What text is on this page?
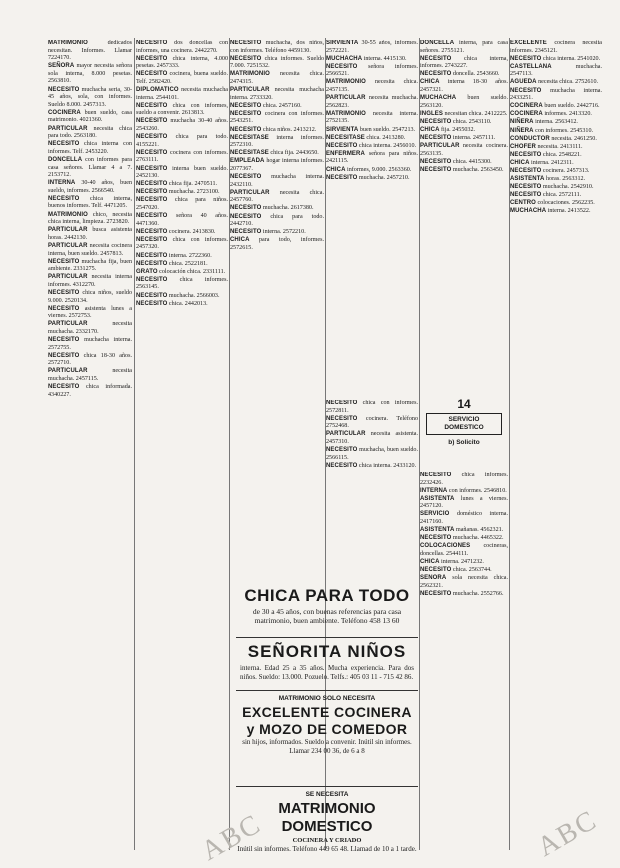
MATRIMONIO dedicados necesitan. Informes. Llamar 7224170.

SEÑORA mayor necesita señora sola interna, 8.000 pesetas. 2563810.

NECESITO muchacha seria, 30-45 años, sola, con informes. Sueldo 8.000. 2457313.

COCINERA buen sueldo, casa matrimonio. 4021360.

PARTICULAR necesita chica para todo. 2563180.

NECESITO chica interna con informes. Telf. 2453220.

DONCELLA con informes para casa señores. Llamar 4 a 7. 2153712.

INTERNA 30-40 años, buen sueldo, informes. 2566540.

NECESITO chica interna, buenos informes. Telf. 4471205.

MATRIMONIO chico, necesita chica interna, limpieza. 2723820.

PARTICULAR busca asistenta horas. 2442130.

PARTICULAR necesita cocinera interna, buen sueldo. 2457813.

NECESITO muchacha fija, buen ambiente. 2331275.

PARTICULAR necesita interna informes. 4312270.

NECESITO chica niños, sueldo 9.000. 2520134.

NECESITO asistenta lunes a viernes. 2572753.

PARTICULAR necesita muchacha. 2332170.

NECESITO muchacha interna. 2572755.

NECESITO chica 18-30 años. 2572710.

PARTICULAR necesita muchacha. 2457115.

NECESITO chica informada. 4340227.

NECESITO dos doncellas con informes, una cocinera. 2442270.

NECESITO chica interna, 4.000 pesetas. 2457333.

NECESITO cocinera, buena sueldo. Telf. 2582420.

DIPLOMATICO necesita muchacha interna. 2544101.

NECESITO chica con informes, sueldo a convenir. 2613813.

NECESITO muchacha 30-40 años. 2543260.

NECESITO chica para todo. 4155221.

NECESITO cocinera con informes. 2763111.

NECESITO interna buen sueldo. 2452130.

NECESITO chica fija. 2470511.

NECESITO muchacha. 2723100.

NECESITO chica para niños. 2547020.

NECESITO señora 40 años. 4471360.

NECESITO cocinera. 2413830.

NECESITO chica con informes. 2457320.

NECESITO interna. 2722360.

NECESITO chica. 2522181.

GRATO colocación chica. 2331111.

NECESITO chica informes. 2563145.

NECESITO muchacha. 2566003.

NECESITO chica. 2442013.

NECESITO muchacha, dos niños, con informes. Teléfono 4459130.

NECESITO chica informes. Sueldo 7.000. 7251532.

MATRIMONIO necesita chica. 2474315.

PARTICULAR necesita muchacha interna. 2733320.

NECESITO chica. 2457160.

NECESITO cocinera con informes. 2543251.

NECESITO chica niños. 2413212.

NECESITASE interna informes. 2572310.

NECESITASE chica fija. 2443650.

EMPLEADA hogar interna informes. 2077367.

NECESITO muchacha interna. 2432110.

PARTICULAR necesita chica. 2457760.

NECESITO muchacha. 2617380.

NECESITO chica para todo. 2442710.

NECESITO interna. 2572210.

CHICA para todo, informes. 2572615.

SIRVIENTA 30-55 años, informes. 2572221.

MUCHACHA interna. 4415130.

NECESITO señora informes. 2566521.

MATRIMONIO necesita chica. 2457135.

PARTICULAR necesita muchacha. 2562823.

MATRIMONIO necesita interna. 2752135.

SIRVIENTA buen sueldo. 2547213.

NECESITASE chica. 2413280.

NECESITO chica interna. 2456010.

ENFERMERA señora para niños. 2421115.

CHICA informes, 9.000. 2563360.

NECESITO muchacha. 2457210.

NECESITO chica con informes. 2572811.

NECESITO cocinera. Teléfono 2752468.

PARTICULAR necesita asistenta. 2457310.

NECESITO muchacha, buen sueldo. 2566115.

NECESITO chica interna. 2433120.

DONCELLA interna, para casa señores. 2755121.

NECESITO chica interna, informes. 2743227.

NECESITO doncella. 2543660.

CHICA interna 18-30 años. 2457321.

MUCHACHA buen sueldo. 2563120.

INGLES necesitan chica. 2412225.

NECESITO chica. 2543110.

CHICA fija. 2455032.

NECESITO interna. 2457111.

PARTICULAR necesita cocinera. 2563135.

NECESITO chica. 4415300.

NECESITO muchacha. 2563450.

NECESITO chica informes. 2232426.

INTERNA con informes. 2546810.

ASISTENTA lunes a viernes. 2457120.

SERVICIO doméstico interna. 2417160.

ASISTENTA mañanas. 4562321.

NECESITO muchacha. 4465322.

COLOCACIONES cocineras, doncellas. 2544111.

CHICA interna. 2471232.

NECESITO chica. 2563744.

SENORA sola necesita chica. 2562321.

NECESITO muchacha. 2552766.

EXCELENTE cocinera necesita informes. 2345121.

NECESITO chica interna. 2541020.

CASTELLANA muchacha. 2547113.

AGUEDA necesita chica. 2752610.

NECESITO muchacha interna. 2433251.

COCINERA buen sueldo. 2442716.

COCINERA informes. 2413320.

NIÑERA interna. 2563412.

NIÑERA con informes. 2545310.

CONDUCTOR necesita. 2461250.

CHOFER necesita. 2413111.

NECESITO chica. 2548221.

CHICA interna. 2412311.

NECESITO cocinera. 2457313.

ASISTENTA horas. 2563312.

NECESITO muchacha. 2542910.

NECESITO chica. 2572111.

CENTRO colocaciones. 2562235.

MUCHACHA interna. 2413522.

14
SERVICIO
DOMESTICO
b) Solicito
CHICA PARA TODO
de 30 a 45 años, con buenas referencias para casa matrimonio, buen ambiente. Teléfono 458 13 60
SEÑORITA NIÑOS
interna. Edad 25 a 35 años. Mucha experiencia. Para dos niños. Sueldo: 13.000. Pozuelo. Telfs.: 405 03 11 - 715 42 86.
MATRIMONIO SOLO NECESITA
EXCELENTE COCINERA
y MOZO DE COMEDOR
sin hijos, informados. Sueldo a convenir. Inútil sin informes. Llamar 234 00 36, de 6 a 8
SE NECESITA
MATRIMONIO DOMESTICO
COCINERA Y CRIADO
Inútil sin informes. Teléfono 449 65 48. Llamad de 10 a 1 tarde.
ABC	ABC
